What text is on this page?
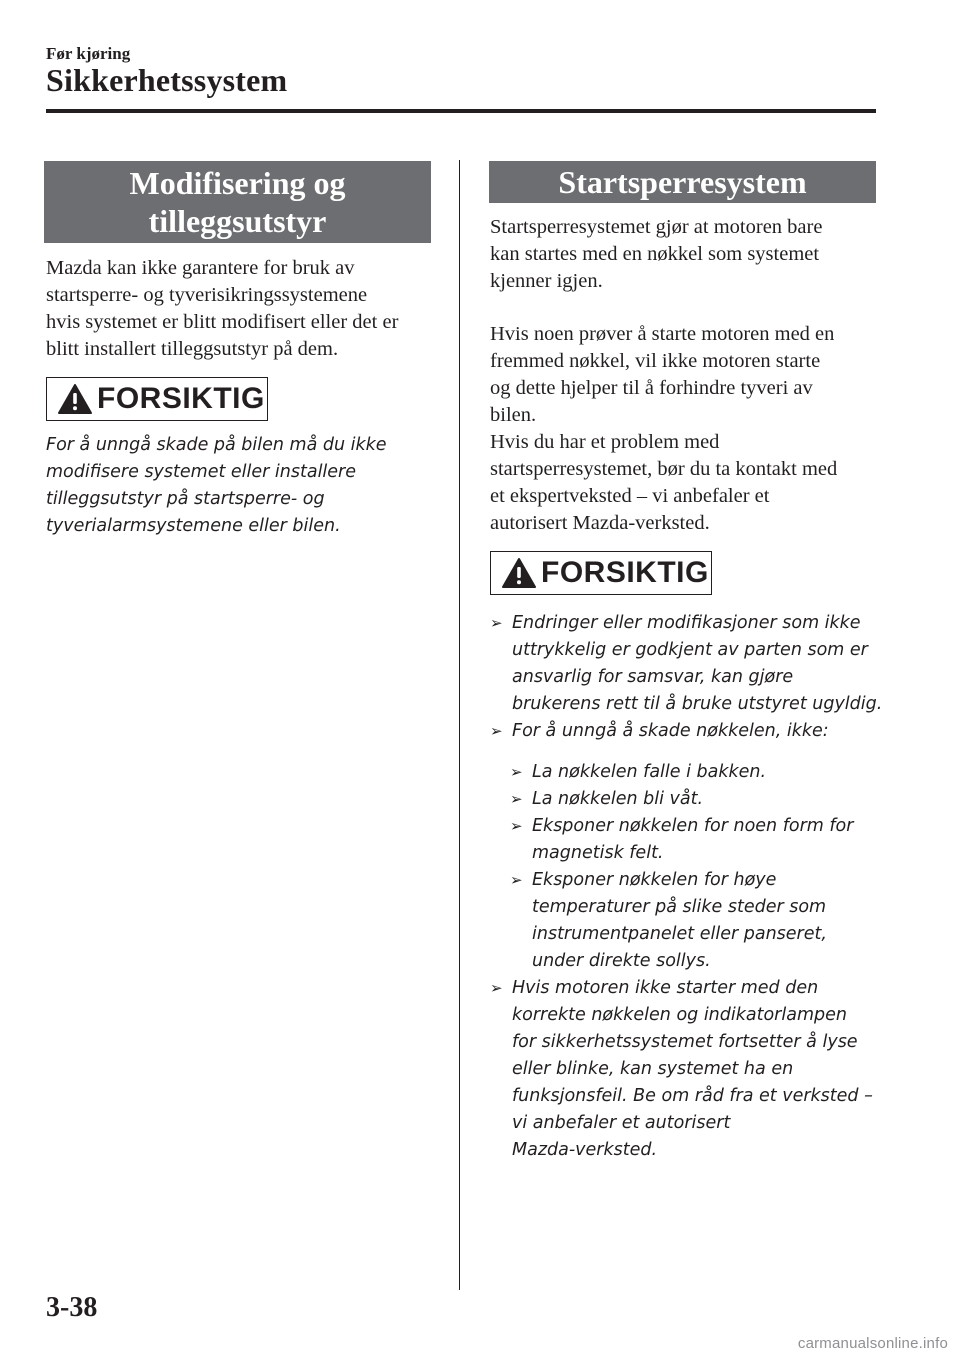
Før kjøring
Sikkerhetssystem
Modifisering og
tilleggsutstyr
Mazda kan ikke garantere for bruk av
startsperre- og tyverisikringssystemene
hvis systemet er blitt modifisert eller det er
blitt installert tilleggsutstyr på dem.
FORSIKTIG
For å unngå skade på bilen må du ikke
modifisere systemet eller installere
tilleggsutstyr på startsperre- og
tyverialarmsystemene eller bilen.
Startsperresystem
Startsperresystemet gjør at motoren bare
kan startes med en nøkkel som systemet
kjenner igjen.
Hvis noen prøver å starte motoren med en
fremmed nøkkel, vil ikke motoren starte
og dette hjelper til å forhindre tyveri av
bilen.
Hvis du har et problem med
startsperresystemet, bør du ta kontakt med
et ekspertveksted – vi anbefaler et
autorisert Mazda-verksted.
FORSIKTIG
➢ Endringer eller modifikasjoner som ikke
uttrykkelig er godkjent av parten som er
ansvarlig for samsvar, kan gjøre
brukerens rett til å bruke utstyret ugyldig.
➢ For å unngå å skade nøkkelen, ikke:
➢ La nøkkelen falle i bakken.
➢ La nøkkelen bli våt.
➢ Eksponer nøkkelen for noen form for
magnetisk felt.
➢ Eksponer nøkkelen for høye
temperaturer på slike steder som
instrumentpanelet eller panseret,
under direkte sollys.
➢ Hvis motoren ikke starter med den
korrekte nøkkelen og indikatorlampen
for sikkerhetssystemet fortsetter å lyse
eller blinke, kan systemet ha en
funksjonsfeil. Be om råd fra et verksted –
vi anbefaler et autorisert
Mazda-verksted.
3-38
carmanualsonline.info
